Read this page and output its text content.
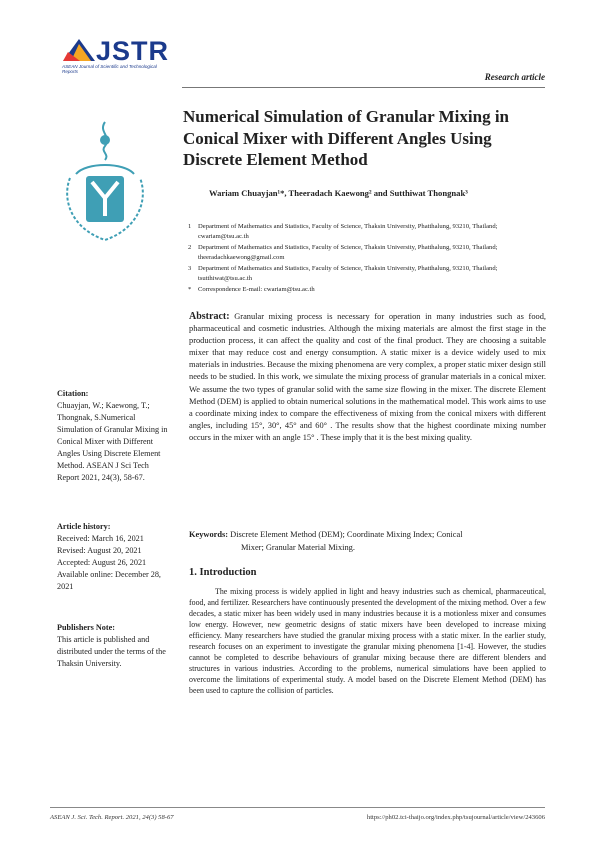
JSTR
ASEAN Journal of Scientific and Technological Reports
Research article
Numerical Simulation of Granular Mixing in Conical Mixer with Different Angles Using Discrete Element Method
Wariam Chuayjan¹*, Theeradach Kaewong² and Sutthiwat Thongnak³
1 Department of Mathematics and Statistics, Faculty of Science, Thaksin University, Phatthalung, 93210, Thailand; cwariam@tsu.ac.th
2 Department of Mathematics and Statistics, Faculty of Science, Thaksin University, Phatthalung, 93210, Thailand; theeradachkaewong@gmail.com
3 Department of Mathematics and Statistics, Faculty of Science, Thaksin University, Phatthalung, 93210, Thailand; tsutthiwat@tsu.ac.th
* Correspondence E-mail: cwariam@tsu.ac.th
Abstract: Granular mixing process is necessary for operation in many industries such as food, pharmaceutical and cosmetic industries. Although the mixing materials are almost the first stage in the production process, it can affect the quality and cost of the final product. They are choosing a suitable mixer that may reduce cost and energy consumption. A static mixer is a device widely used to mix materials in industries. Because the mixing phenomena are very complex, a proper static mixer design still needs to be studied. In this work, we simulate the mixing process of granular materials in a conical mixer. We assume the two types of granular solid with the same size flowing in the mixer. The discrete Element Method (DEM) is applied to obtain numerical solutions in the mathematical model. This work aims to use a coordinate mixing index to compare the effectiveness of mixing from the conical mixers with different angles, including 15°, 30°, 45° and 60° . The results show that the highest coordinate mixing number occurs in the mixer with an angle 15° . These imply that it is the best mixing quality.
Keywords: Discrete Element Method (DEM); Coordinate Mixing Index; Conical
Mixer; Granular Material Mixing.
1. Introduction
The mixing process is widely applied in light and heavy industries such as chemical, pharmaceutical, food, and fertilizer. Researchers have continuously presented the development of the mixing method. Over a few decades, a static mixer has been widely used in many industries because it is a motionless mixer and consumes low energy. However, new geometric designs of static mixers have been developed to increase mixing efficiency. Many researchers have studied the granular mixing process with a static mixer. In the earlier study, research focuses on an experiment to investigate the granular mixing phenomena [1-4]. However, the studies cannot be completed to describe behaviours of granular mixing because there are different blenders and structures in various industries. According to the problems, numerical simulations have been applied to overcome the limitations of experimental study. A model based on the Discrete Element Method (DEM) has been used to capture the collision of particles.
Citation:
Chuayjan, W.; Kaewong, T.; Thongnak, S.Numerical Simulation of Granular Mixing in Conical Mixer with Different Angles Using Discrete Element Method. ASEAN J Sci Tech Report 2021, 24(3), 58-67.
Article history:
Received: March 16, 2021
Revised: August 20, 2021
Accepted: August 26, 2021
Available online: December 28, 2021
Publishers Note:
This article is published and distributed under the terms of the Thaksin University.
ASEAN J. Sci. Tech. Report. 2021, 24(3) 58-67	https://ph02.tci-thaijo.org/index.php/tsujournal/article/view/243606
